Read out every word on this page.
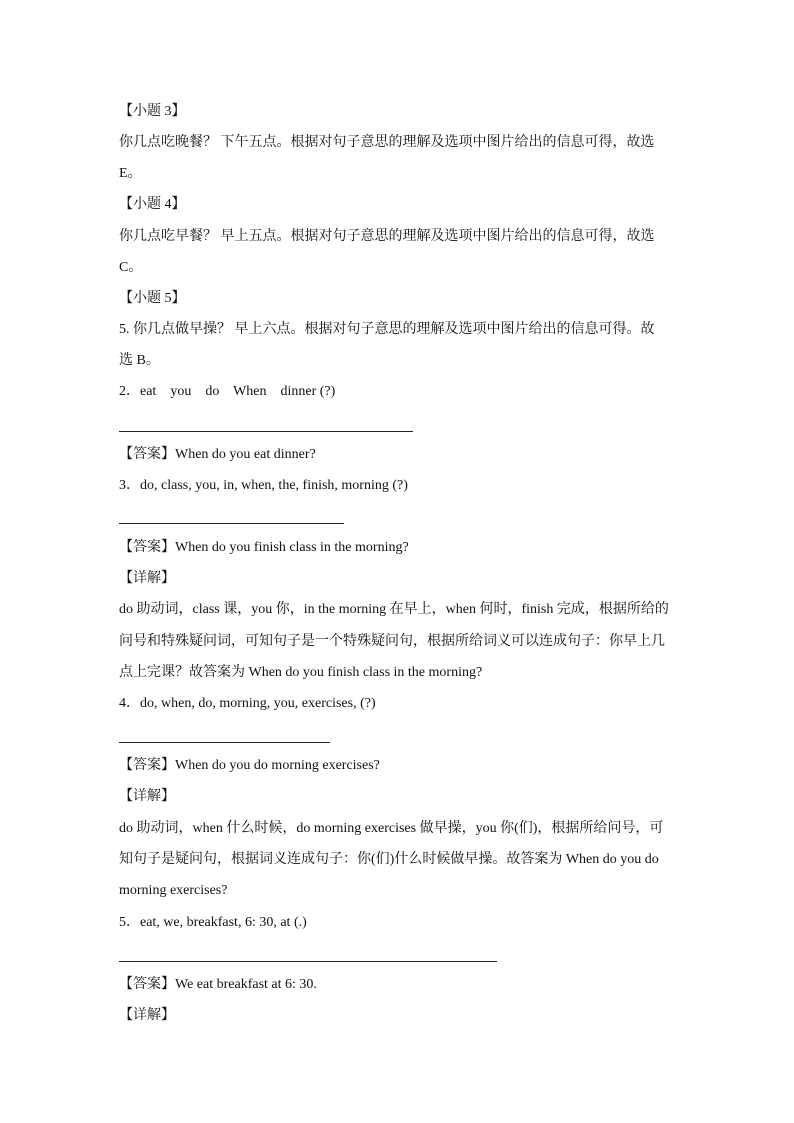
【小题 3】
你几点吃晚餐？ 下午五点。根据对句子意思的理解及选项中图片给出的信息可得，故选
E。
【小题 4】
你几点吃早餐？ 早上五点。根据对句子意思的理解及选项中图片给出的信息可得，故选
C。
【小题 5】
5. 你几点做早操？ 早上六点。根据对句子意思的理解及选项中图片给出的信息可得。故
选 B。
2．eat    you    do    When    dinner (?)
【答案】When do you eat dinner?
3．do, class, you, in, when, the, finish, morning (?)
【答案】When do you finish class in the morning?
【详解】
do 助动词，class 课，you 你，in the morning 在早上，when 何时，finish 完成，根据所给的
问号和特殊疑问词，可知句子是一个特殊疑问句，根据所给词义可以连成句子：你早上几
点上完课？故答案为 When do you finish class in the morning?
4．do, when, do, morning, you, exercises, (?)
【答案】When do you do morning exercises?
【详解】
do 助动词，when 什么时候，do morning exercises 做早操，you 你(们)，根据所给问号，可
知句子是疑问句，根据词义连成句子：你(们)什么时候做早操。故答案为 When do you do
morning exercises?
5．eat, we, breakfast, 6: 30, at (.)
【答案】We eat breakfast at 6: 30.
【详解】
